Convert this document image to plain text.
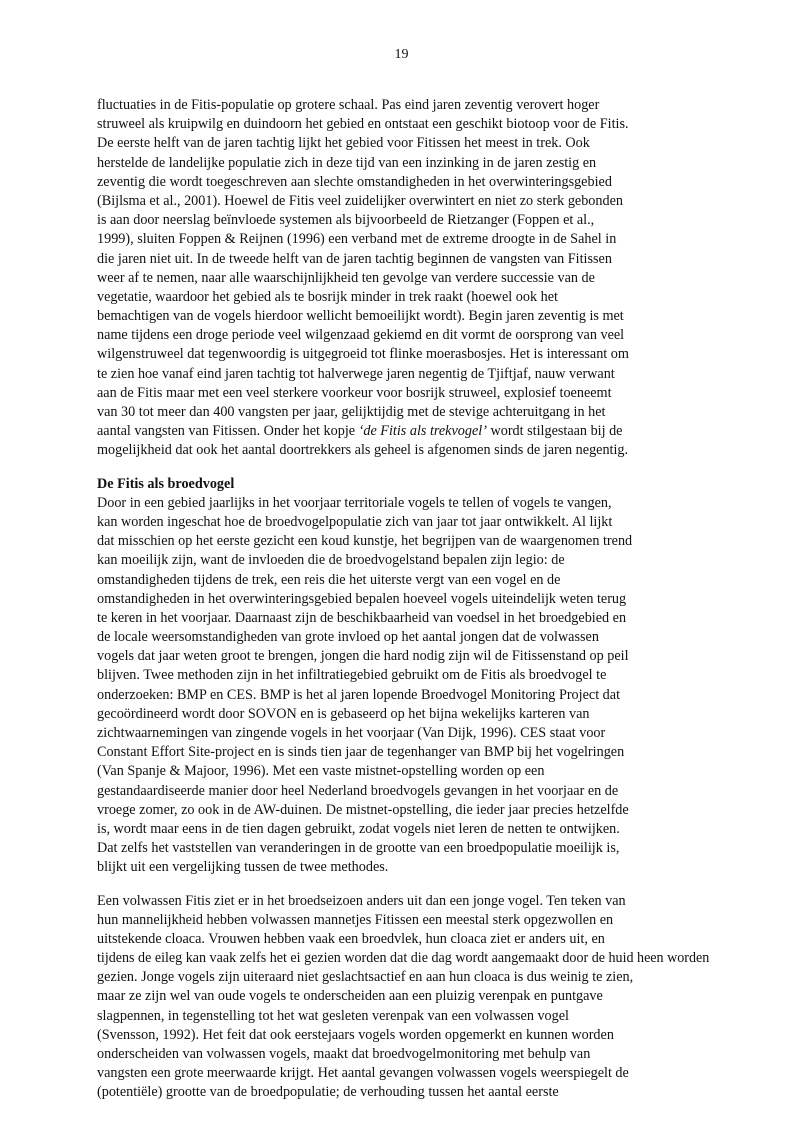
19
fluctuaties in de Fitis-populatie op grotere schaal. Pas eind jaren zeventig verovert hoger
struweel als kruipwilg en duindoorn het gebied en ontstaat een geschikt biotoop voor de Fitis.
De eerste helft van de jaren tachtig lijkt het gebied voor Fitissen het meest in trek. Ook
herstelde de landelijke populatie zich in deze tijd van een inzinking in de jaren zestig en
zeventig die wordt toegeschreven aan slechte omstandigheden in het overwinteringsgebied
(Bijlsma et al., 2001). Hoewel de Fitis veel zuidelijker overwintert en niet zo sterk gebonden
is aan door neerslag beïnvloede systemen als bijvoorbeeld de Rietzanger (Foppen et al.,
1999), sluiten Foppen & Reijnen (1996) een verband met de extreme droogte in de Sahel in
die jaren niet uit. In de tweede helft van de jaren tachtig beginnen de vangsten van Fitissen
weer af te nemen, naar alle waarschijnlijkheid ten gevolge van verdere successie van de
vegetatie, waardoor het gebied als te bosrijk minder in trek raakt (hoewel ook het
bemachtigen van de vogels hierdoor wellicht bemoeilijkt wordt). Begin jaren zeventig is met
name tijdens een droge periode veel wilgenzaad gekiemd en dit vormt de oorsprong van veel
wilgenstruweel dat tegenwoordig is uitgegroeid tot flinke moerasbosjes. Het is interessant om
te zien hoe vanaf eind jaren tachtig tot halverwege jaren negentig de Tjiftjaf, nauw verwant
aan de Fitis maar met een veel sterkere voorkeur voor bosrijk struweel, explosief toeneemt
van 30 tot meer dan 400 vangsten per jaar, gelijktijdig met de stevige achteruitgang in het
aantal vangsten van Fitissen. Onder het kopje ‘de Fitis als trekvogel’ wordt stilgestaan bij de
mogelijkheid dat ook het aantal doortrekkers als geheel is afgenomen sinds de jaren negentig.
De Fitis als broedvogel
Door in een gebied jaarlijks in het voorjaar territoriale vogels te tellen of vogels te vangen,
kan worden ingeschat hoe de broedvogelpopulatie zich van jaar tot jaar ontwikkelt. Al lijkt
dat misschien op het eerste gezicht een koud kunstje, het begrijpen van de waargenomen trend
kan moeilijk zijn, want de invloeden die de broedvogelstand bepalen zijn legio: de
omstandigheden tijdens de trek, een reis die het uiterste vergt van een vogel en de
omstandigheden in het overwinteringsgebied bepalen hoeveel vogels uiteindelijk weten terug
te keren in het voorjaar. Daarnaast zijn de beschikbaarheid van voedsel in het broedgebied en
de locale weersomstandigheden van grote invloed op het aantal jongen dat de volwassen
vogels dat jaar weten groot te brengen, jongen die hard nodig zijn wil de Fitissenstand op peil
blijven. Twee methoden zijn in het infiltratiegebied gebruikt om de Fitis als broedvogel te
onderzoeken: BMP en CES. BMP is het al jaren lopende Broedvogel Monitoring Project dat
gecoördineerd wordt door SOVON en is gebaseerd op het bijna wekelijks karteren van
zichtwaarnemingen van zingende vogels in het voorjaar (Van Dijk, 1996). CES staat voor
Constant Effort Site-project en is sinds tien jaar de tegenhanger van BMP bij het vogelringen
(Van Spanje & Majoor, 1996). Met een vaste mistnet-opstelling worden op een
gestandaardiseerde manier door heel Nederland broedvogels gevangen in het voorjaar en de
vroege zomer, zo ook in de AW-duinen. De mistnet-opstelling, die ieder jaar precies hetzelfde
is, wordt maar eens in de tien dagen gebruikt, zodat vogels niet leren de netten te ontwijken.
Dat zelfs het vaststellen van veranderingen in de grootte van een broedpopulatie moeilijk is,
blijkt uit een vergelijking tussen de twee methodes.
Een volwassen Fitis ziet er in het broedseizoen anders uit dan een jonge vogel. Ten teken van
hun mannelijkheid hebben volwassen mannetjes Fitissen een meestal sterk opgezwollen en
uitstekende cloaca. Vrouwen hebben vaak een broedvlek, hun cloaca ziet er anders uit, en
tijdens de eileg kan vaak zelfs het ei gezien worden dat die dag wordt aangemaakt door de huid heen worden
gezien. Jonge vogels zijn uiteraard niet geslachtsactief en aan hun cloaca is dus weinig te zien,
maar ze zijn wel van oude vogels te onderscheiden aan een pluizig verenpak en puntgave
slagpennen, in tegenstelling tot het wat gesleten verenpak van een volwassen vogel
(Svensson, 1992). Het feit dat ook eerstejaars vogels worden opgemerkt en kunnen worden
onderscheiden van volwassen vogels, maakt dat broedvogelmonitoring met behulp van
vangsten een grote meerwaarde krijgt. Het aantal gevangen volwassen vogels weerspiegelt de
(potentiële) grootte van de broedpopulatie; de verhouding tussen het aantal eerste
